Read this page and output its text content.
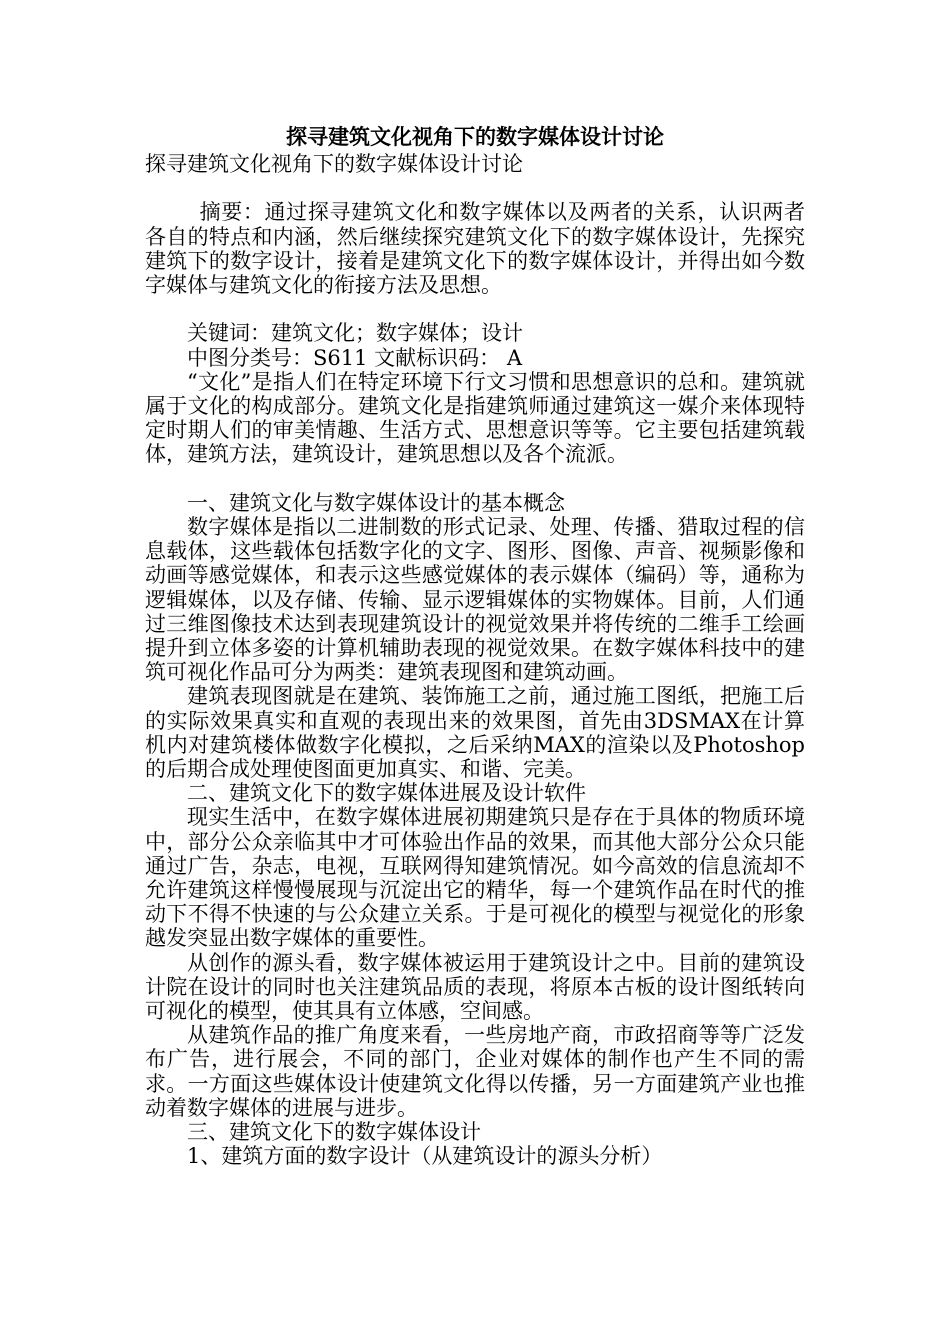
探寻建筑文化视角下的数字媒体设计讨论

探寻建筑文化视角下的数字媒体设计讨论

摘要：通过探寻建筑文化和数字媒体以及两者的关系，认识两者各自的特点和内涵，然后继续探究建筑文化下的数字媒体设计，先探究建筑下的数字设计，接着是建筑文化下的数字媒体设计，并得出如今数字媒体与建筑文化的衔接方法及思想。

关键词：建筑文化；数字媒体；设计

中图分类号：S611 文献标识码： A

“文化”是指人们在特定环境下行文习惯和思想意识的总和。建筑就属于文化的构成部分。建筑文化是指建筑师通过建筑这一媒介来体现特定时期人们的审美情趣、生活方式、思想意识等等。它主要包括建筑载体，建筑方法，建筑设计，建筑思想以及各个流派。

一、建筑文化与数字媒体设计的基本概念

数字媒体是指以二进制数的形式记录、处理、传播、猎取过程的信息载体，这些载体包括数字化的文字、图形、图像、声音、视频影像和动画等感觉媒体，和表示这些感觉媒体的表示媒体（编码）等，通称为逻辑媒体，以及存储、传输、显示逻辑媒体的实物媒体。目前，人们通过三维图像技术达到表现建筑设计的视觉效果并将传统的二维手工绘画提升到立体多姿的计算机辅助表现的视觉效果。在数字媒体科技中的建筑可视化作品可分为两类：建筑表现图和建筑动画。

建筑表现图就是在建筑、装饰施工之前，通过施工图纸，把施工后的实际效果真实和直观的表现出来的效果图，首先由3DSMAX在计算机内对建筑楼体做数字化模拟，之后采纳MAX的渲染以及Photoshop的后期合成处理使图面更加真实、和谐、完美。

二、建筑文化下的数字媒体进展及设计软件

现实生活中，在数字媒体进展初期建筑只是存在于具体的物质环境中，部分公众亲临其中才可体验出作品的效果，而其他大部分公众只能通过广告，杂志，电视，互联网得知建筑情况。如今高效的信息流却不允许建筑这样慢慢展现与沉淀出它的精华，每一个建筑作品在时代的推动下不得不快速的与公众建立关系。于是可视化的模型与视觉化的形象越发突显出数字媒体的重要性。

从创作的源头看，数字媒体被运用于建筑设计之中。目前的建筑设计院在设计的同时也关注建筑品质的表现，将原本古板的设计图纸转向可视化的模型，使其具有立体感，空间感。

从建筑作品的推广角度来看，一些房地产商，市政招商等等广泛发布广告，进行展会，不同的部门，企业对媒体的制作也产生不同的需求。一方面这些媒体设计使建筑文化得以传播，另一方面建筑产业也推动着数字媒体的进展与进步。

三、建筑文化下的数字媒体设计

1、建筑方面的数字设计（从建筑设计的源头分析）
